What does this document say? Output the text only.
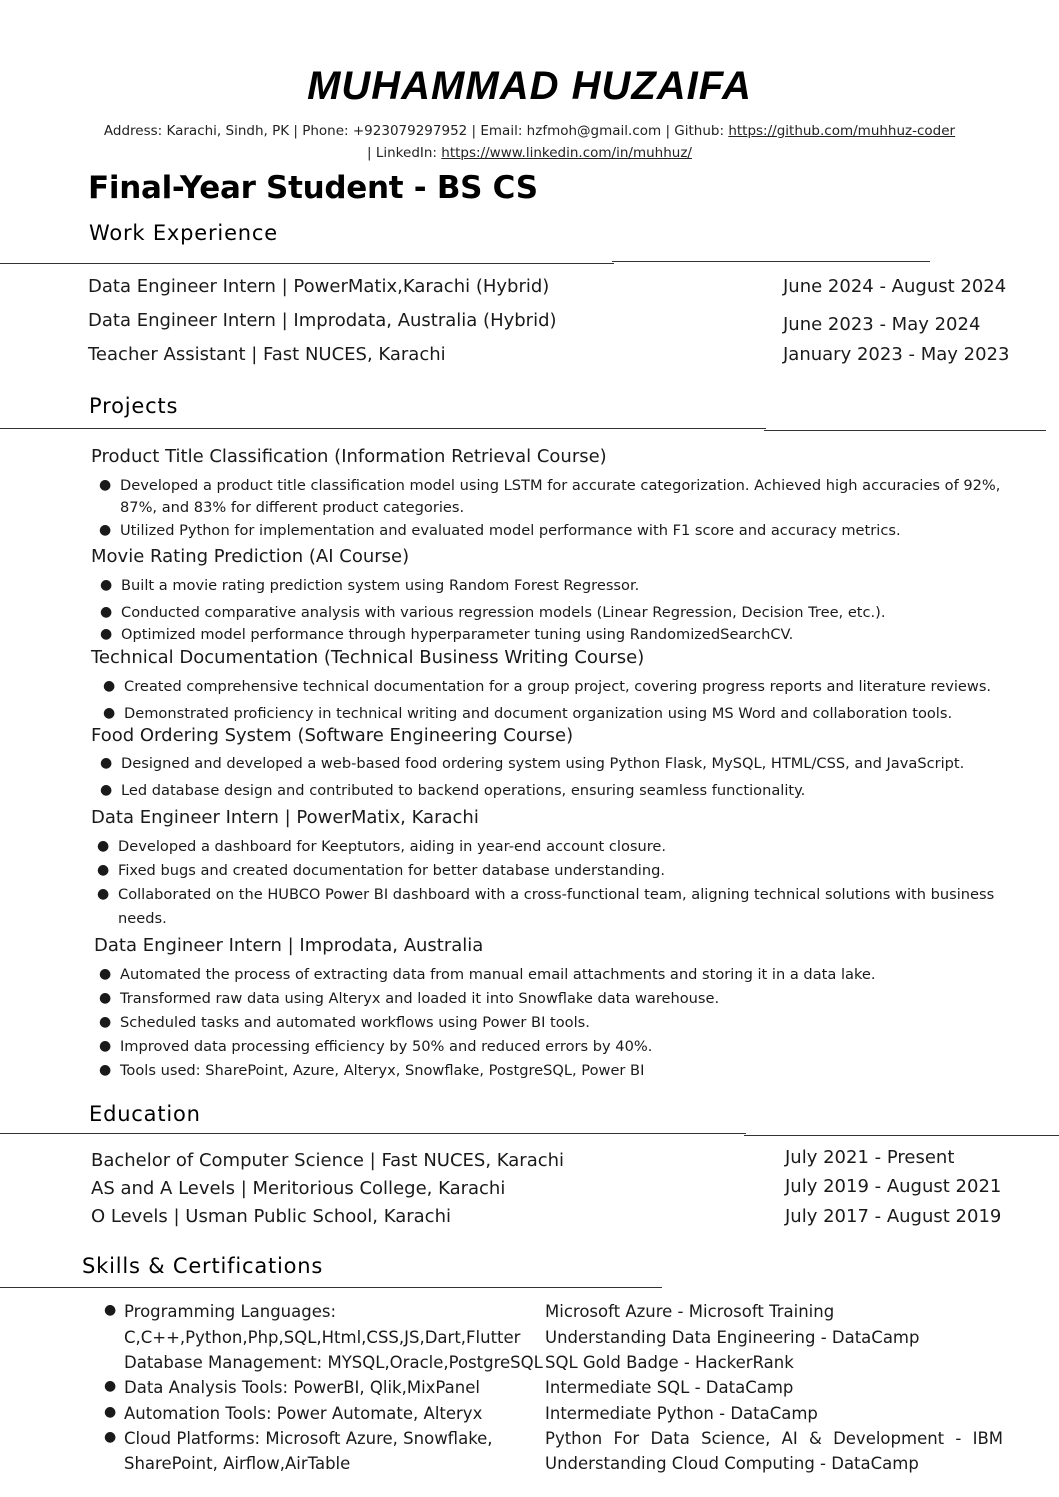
MUHAMMAD HUZAIFA
Address: Karachi, Sindh, PK | Phone: +923079297952 | Email: hzfmoh@gmail.com | Github: https://github.com/muhhuz-coder
| LinkedIn: https://www.linkedin.com/in/muhhuz/
Final-Year Student - BS CS
Work Experience
Data Engineer Intern | PowerMatix,Karachi (Hybrid)	June 2024 - August 2024
Data Engineer Intern | Improdata, Australia (Hybrid)	June 2023 - May 2024
Teacher Assistant | Fast NUCES, Karachi	January 2023 - May 2023
Projects
Product Title Classification (Information Retrieval Course)
● Developed a product title classification model using LSTM for accurate categorization. Achieved high accuracies of 92%,
87%, and 83% for different product categories.
● Utilized Python for implementation and evaluated model performance with F1 score and accuracy metrics.
Movie Rating Prediction (AI Course)
● Built a movie rating prediction system using Random Forest Regressor.
● Conducted comparative analysis with various regression models (Linear Regression, Decision Tree, etc.).
● Optimized model performance through hyperparameter tuning using RandomizedSearchCV.
Technical Documentation (Technical Business Writing Course)
● Created comprehensive technical documentation for a group project, covering progress reports and literature reviews.
● Demonstrated proficiency in technical writing and document organization using MS Word and collaboration tools.
Food Ordering System (Software Engineering Course)
● Designed and developed a web-based food ordering system using Python Flask, MySQL, HTML/CSS, and JavaScript.
● Led database design and contributed to backend operations, ensuring seamless functionality.
Data Engineer Intern | PowerMatix, Karachi
● Developed a dashboard for Keeptutors, aiding in year-end account closure.
● Fixed bugs and created documentation for better database understanding.
● Collaborated on the HUBCO Power BI dashboard with a cross-functional team, aligning technical solutions with business
needs.
Data Engineer Intern | Improdata, Australia
● Automated the process of extracting data from manual email attachments and storing it in a data lake.
● Transformed raw data using Alteryx and loaded it into Snowflake data warehouse.
● Scheduled tasks and automated workflows using Power BI tools.
● Improved data processing efficiency by 50% and reduced errors by 40%.
● Tools used: SharePoint, Azure, Alteryx, Snowflake, PostgreSQL, Power BI
Education
Bachelor of Computer Science | Fast NUCES, Karachi	July 2021 - Present
AS and A Levels | Meritorious College, Karachi	July 2019 - August 2021
O Levels | Usman Public School, Karachi	July 2017 - August 2019
Skills & Certifications
● Programming Languages:
C,C++,Python,Php,SQL,Html,CSS,JS,Dart,Flutter
Database Management: MYSQL,Oracle,PostgreSQL
● Data Analysis Tools: PowerBI, Qlik,MixPanel
● Automation Tools: Power Automate, Alteryx
● Cloud Platforms: Microsoft Azure, Snowflake,
SharePoint, Airflow,AirTable
Microsoft Azure - Microsoft Training
Understanding Data Engineering - DataCamp
SQL Gold Badge - HackerRank
Intermediate SQL - DataCamp
Intermediate Python - DataCamp
Python For Data Science, AI & Development - IBM
Understanding Cloud Computing - DataCamp
